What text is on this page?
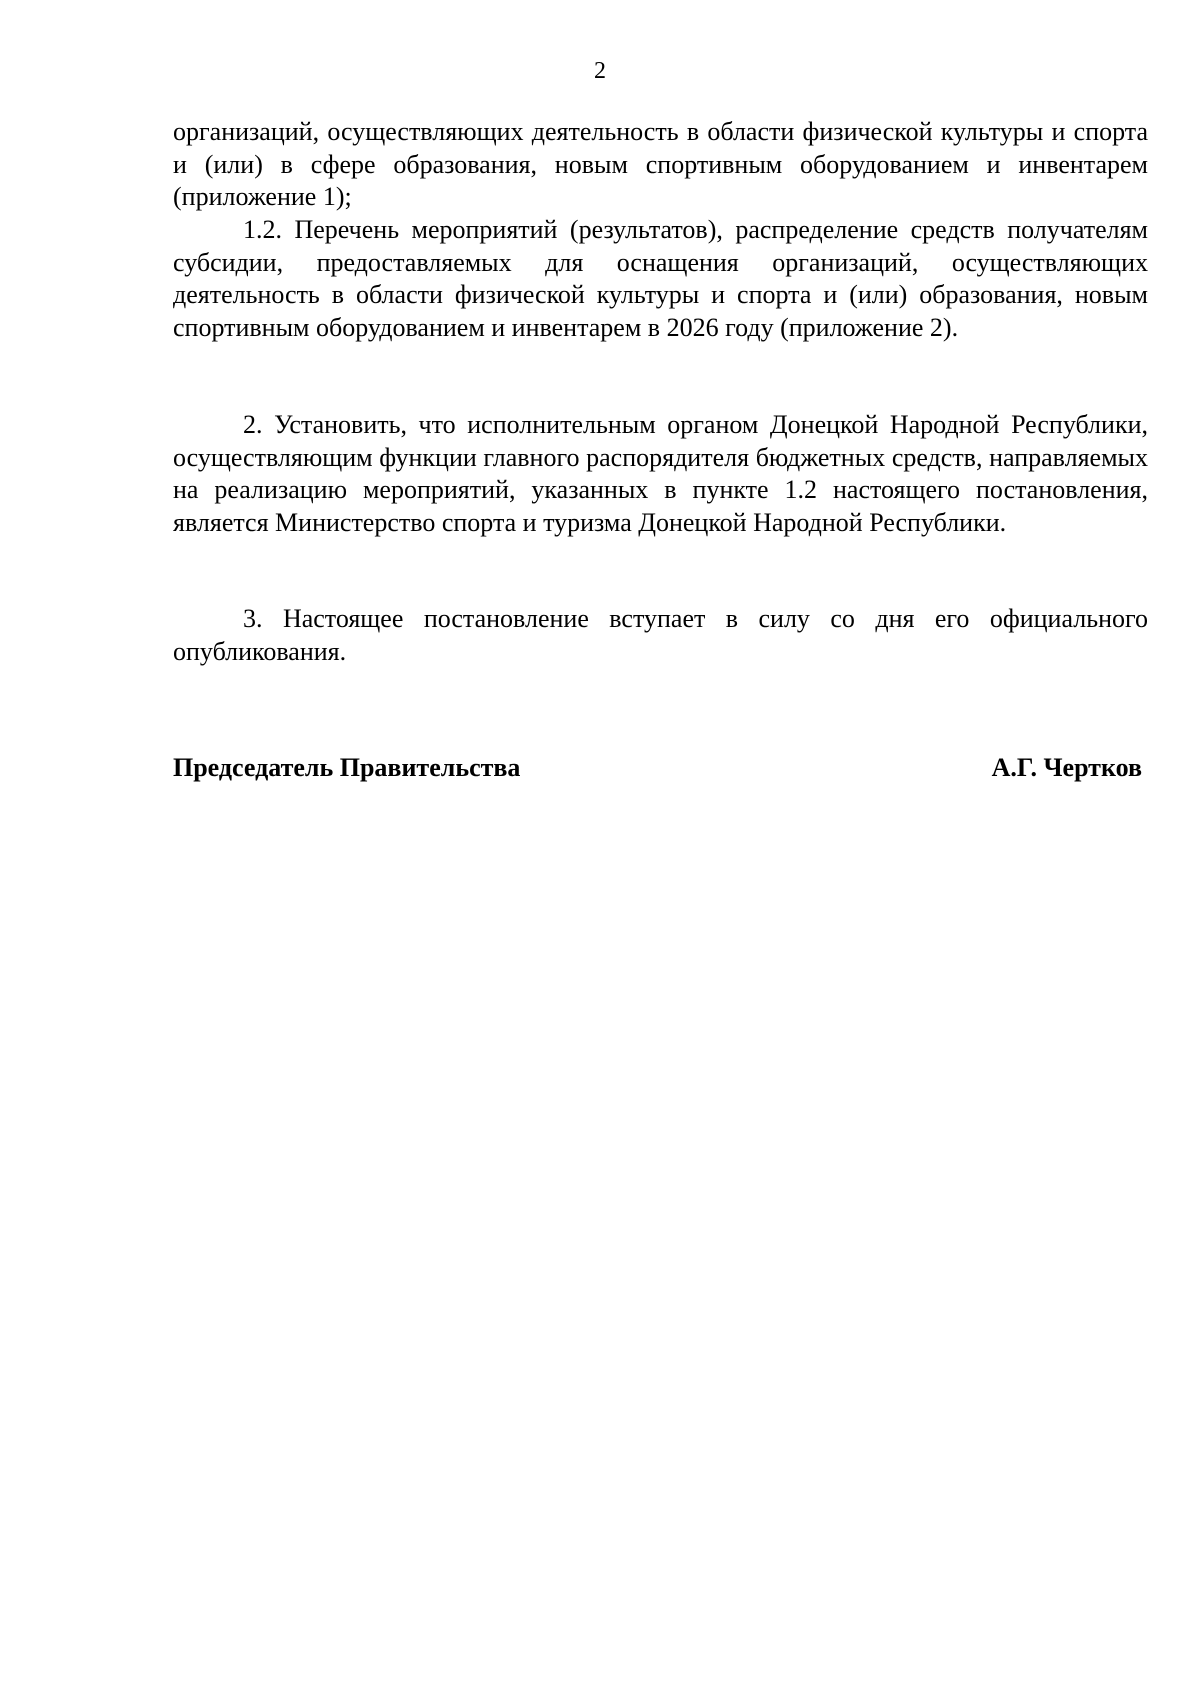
2

организаций, осуществляющих деятельность в области физической культуры и спорта и (или) в сфере образования, новым спортивным оборудованием и инвентарем (приложение 1);

1.2. Перечень мероприятий (результатов), распределение средств получателям субсидии, предоставляемых для оснащения организаций, осуществляющих деятельность в области физической культуры и спорта и (или) образования, новым спортивным оборудованием и инвентарем в 2026 году (приложение 2).

2. Установить, что исполнительным органом Донецкой Народной Республики, осуществляющим функции главного распорядителя бюджетных средств, направляемых на реализацию мероприятий, указанных в пункте 1.2 настоящего постановления, является Министерство спорта и туризма Донецкой Народной Республики.

3. Настоящее постановление вступает в силу со дня его официального опубликования.

Председатель Правительства	А.Г. Чертков
